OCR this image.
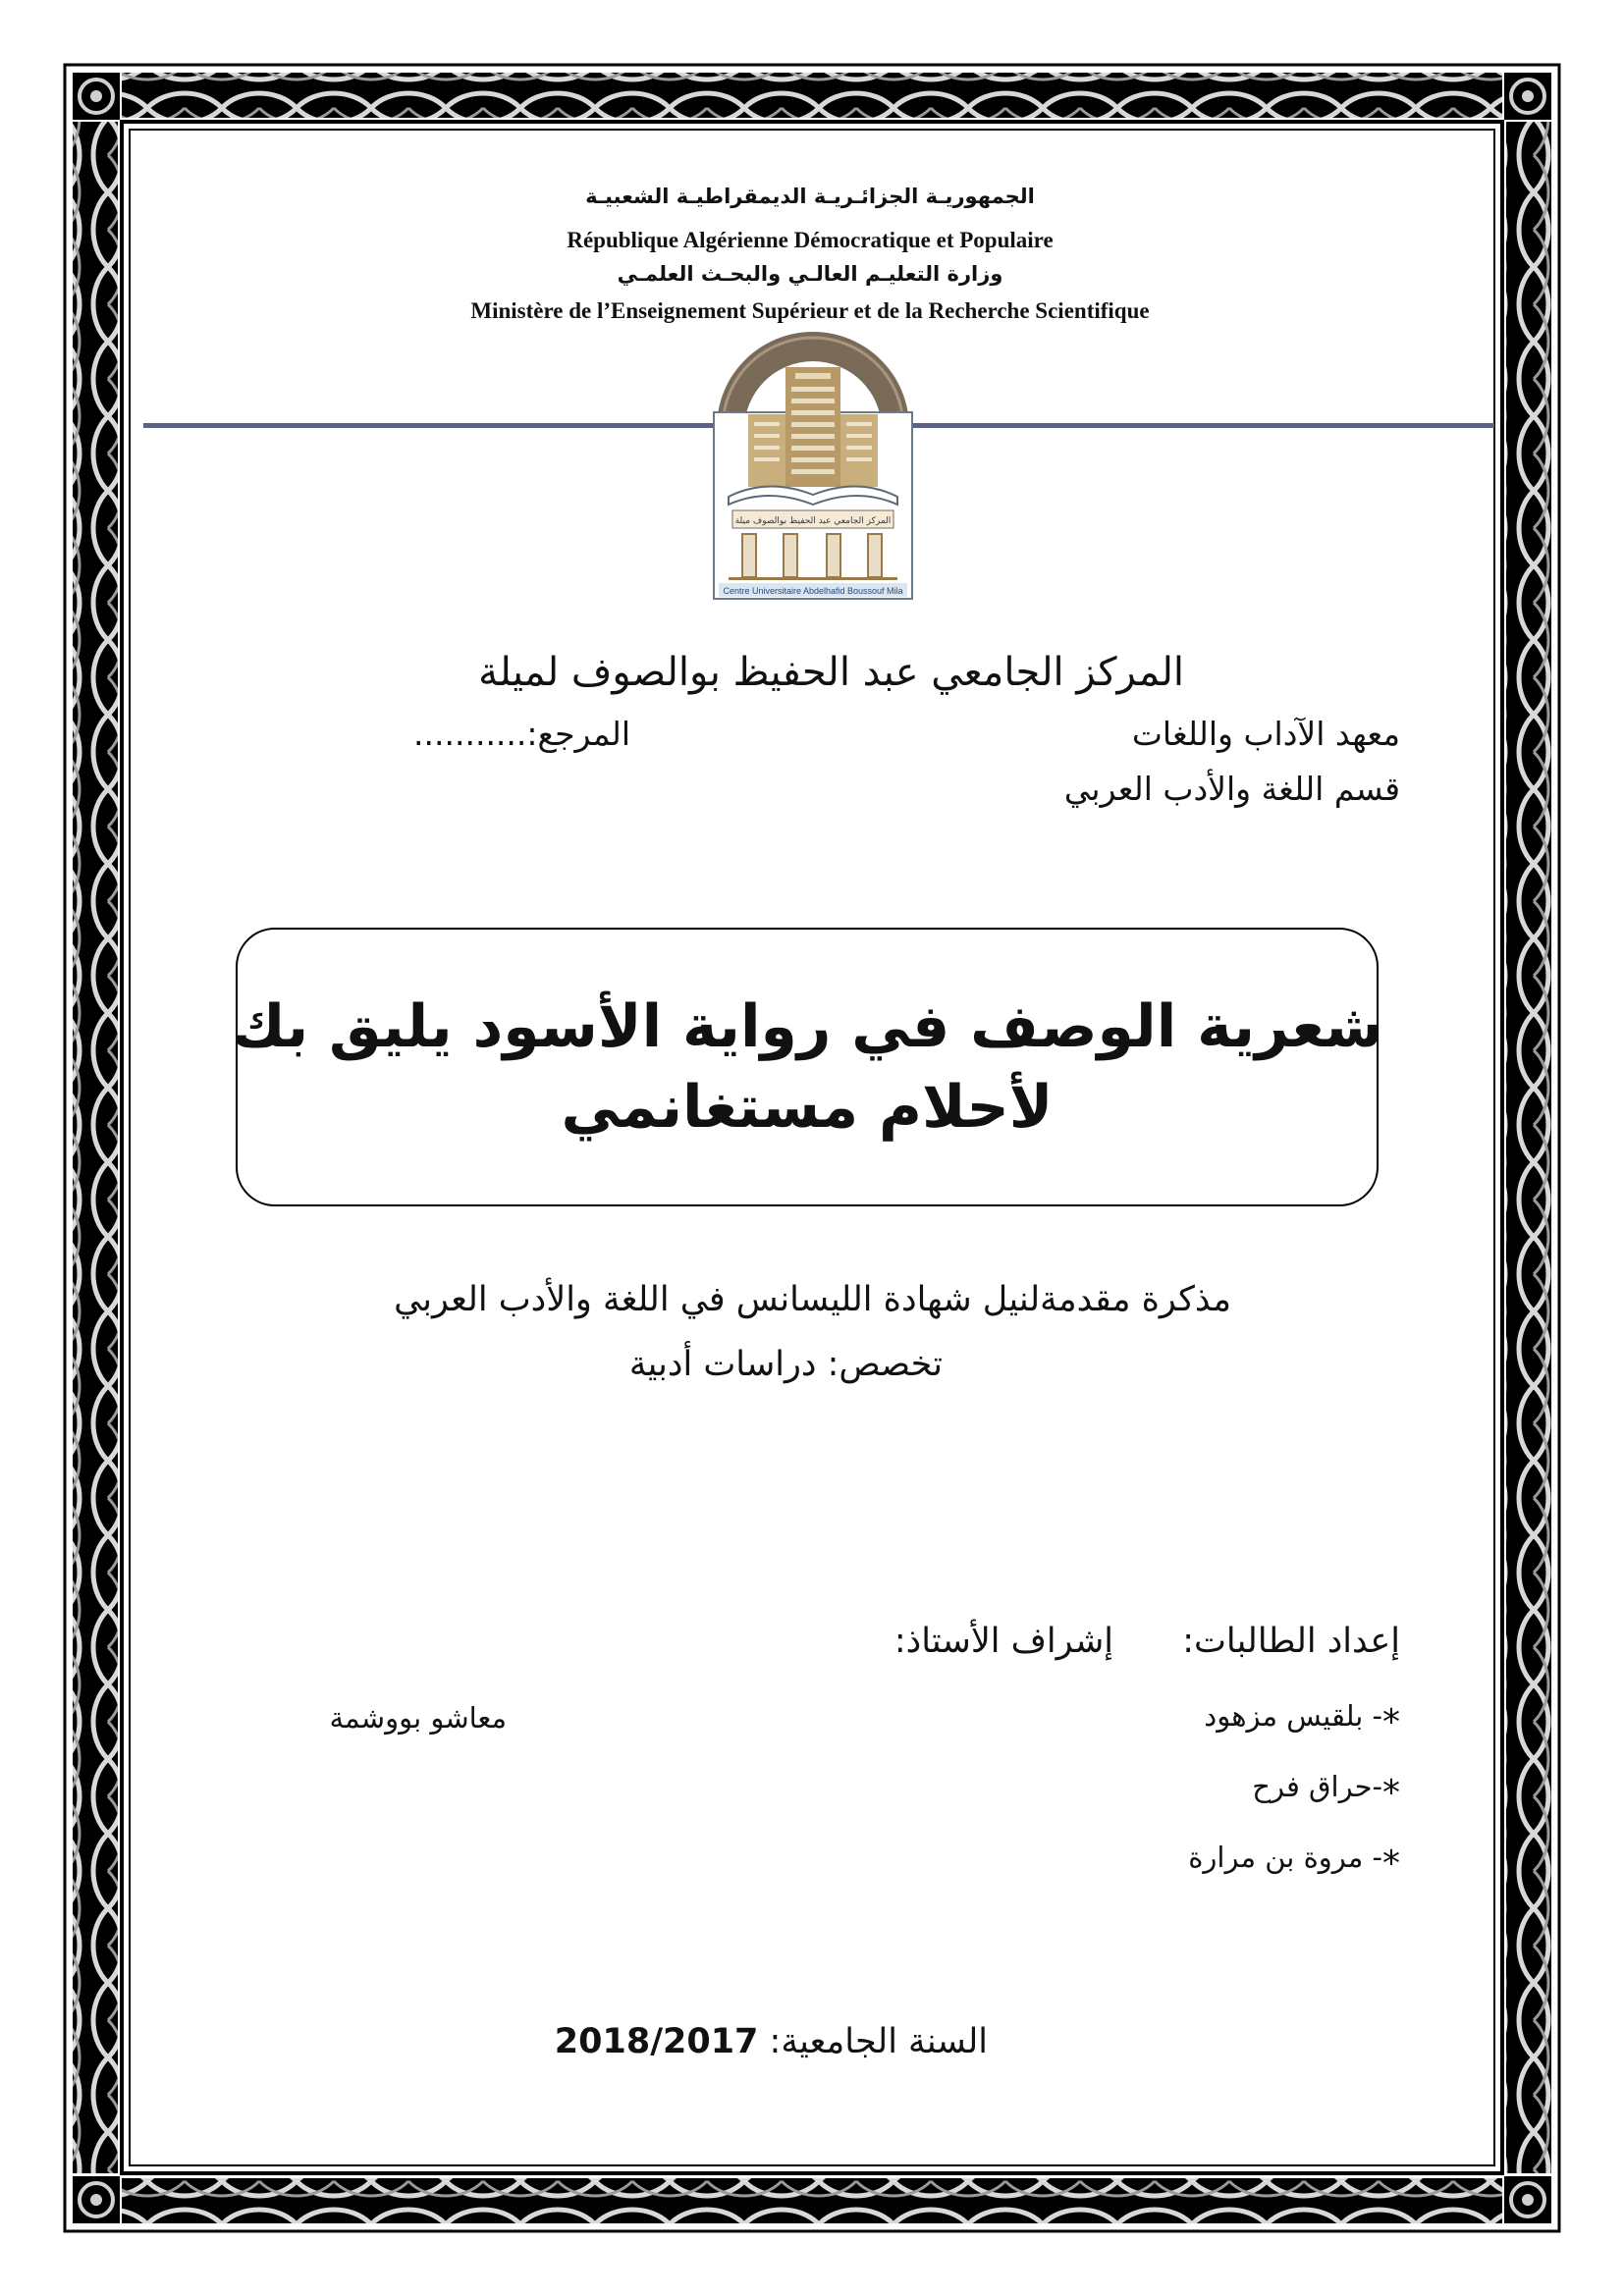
الجمهوريـة الجزائـريـة الديمقراطيـة الشعبيـة
République Algérienne Démocratique et Populaire
وزارة التعليـم العالـي والبحـث العلمـي
Ministère de l’Enseignement Supérieur et de la Recherche Scientifique
المركز الجامعي عبد الحفيظ بوالصوف ميلة
Centre Universitaire Abdelhafid Boussouf Mila
المركز الجامعي عبد الحفيظ بوالصوف لميلة
معهد الآداب واللغات
المرجع:...........
قسم اللغة والأدب العربي
شعرية الوصف في رواية الأسود يليق بك
لأحلام مستغانمي
مذكرة مقدمةلنيل شهادة الليسانس في اللغة والأدب العربي
تخصص: دراسات أدبية
إعداد الطالبات:
إشراف الأستاذ:
*- بلقيس مزهود
*-حراق فرح
*- مروة بن مرارة
معاشو بووشمة
السنة الجامعية: 2018/2017
